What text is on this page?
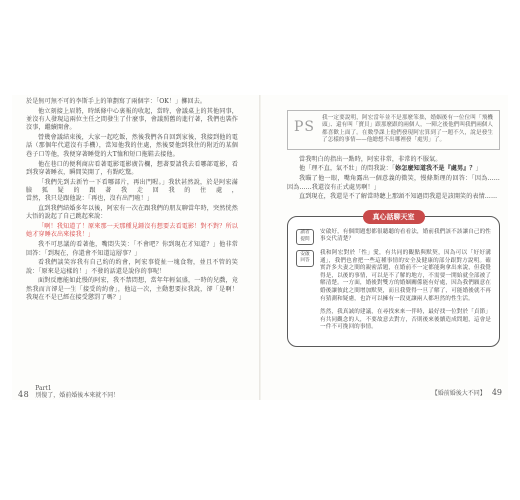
於是無可無不可的李斯手上的筆劃寫了兩個字：「OK！」擲回去。

他立刻接上眉將，時紙條中心裏報的收起，當時，會議桌上的其他同事，並沒有人發現這兩位主任之間發生了什麼事，會議照舊的進行著，我們也裝作沒事，繼續開會。

營幾會議結束後，大家一起吃飯，然後我們各自回到家後，我接到他的電話（那個年代還沒有手機），當知他我的住處，然後要他到我住的附近的某個巷子口等他，我便穿著睡覺的大T恤和短口拖鞋去接他。

他在巷口的便利商店看著電影電影廣告欄，想著要請我去看哪部電影，看到我穿著睡衣，瞬間笑開了，有點吃驚。

「我們先到去新竹一下看哪部片，再出門喔。」我狀甚然說，於是阿宏滿臉狐疑的跟著我走回我的住處，當然，我只是跟他說：「再也，沒有出門啦！」

直到我們結婚多年以後，阿宏有一次在跟我們的朋友聊當年時，突然恍然大悟的說起了自己跳起來說：

「啊！我知道了！原來那一天那種見鍾沒有想要去看電影！對不對？所以她才穿睡衣出來接我！」

我不可思議的看著他，嘴悶失笑：「不會吧？你到現在才知道？」他非常回答：「到現在，你還會不知道這層事？」

看我們談笑容我有自己約的約會，阿宏事從扯一塊食物，並且不管的笑說：「原來是這樣的！」不發的話還是說你的事呢！

面對反應能如此慢的阿宏，我不禁問想，當年年輕氣盛，一時的兒戲，竟然我而言卻是一生「接受的約會」，他這一次，主動想要拉我說，卻「是啊！我現在不是已經在接受懲罰了嗎？」

48
Part1
別傻了，婚前婚後本來就不同！
PS

我一定要說明，阿宏當年並不是那麼笨拙，婚姻後有一位位叫「飛機頭」、還有叫「寶貝」跟那麼跟的兩個人，一陣之後他們叫我們兩個人都喜歡上面了。在數學課上他們發現阿宏算到了一題不久，說是發生了怎樣的事情——他總想不出哪裡發「處男」了。

當我明白的指出一點時，阿宏非常，非常的不服氣。

他「理不直，氣不壯」的問我說：「妳怎麼知道我不是『處男』？」

我瞄了他一眼，嘴角露出一個意義的微笑，慢條斯理的回答：「因為……因為……我還沒有正式處男啊！」

直到現在，我還是不了解當時聽上那頭不知過問我還是該開笑的表情……

真心話聊天室
讀者
提問

安啟好，有個問題想都很聽聽的看看法，婚前我們該不該讓自己的性事交代清楚？

安啟
回答

我和阿宏對於「性」愛，有共同的觀點與默契，因為可以「好好溝通」，我們也會把一些這種事情的安全及健康的部分跟對方說明。確實許多夫妻之間的親密話題，在婚前不一定都能夠拿出來說，但我覺得是，以後的事情，可以是不了解的地方，不需要一開始就全部被了解清楚。一方面，婚後對雙方的婚姻關係能有好處，因為我們願意在婚後讓彼此之間增加默契，而且我覺得一旦了解了，可能婚後就不再有猜測和疑慮，也許可以擁有一段更讓兩人都坦然的性生活。

然然，我真誠的建議，在尋找來來一伴時，最好找一位對於「貞節」有共同觀念的人，不要故意去對方，否則後來後續造成問題，這會是一件不可挽回的事情。

【婚前婚後大不同】 49
